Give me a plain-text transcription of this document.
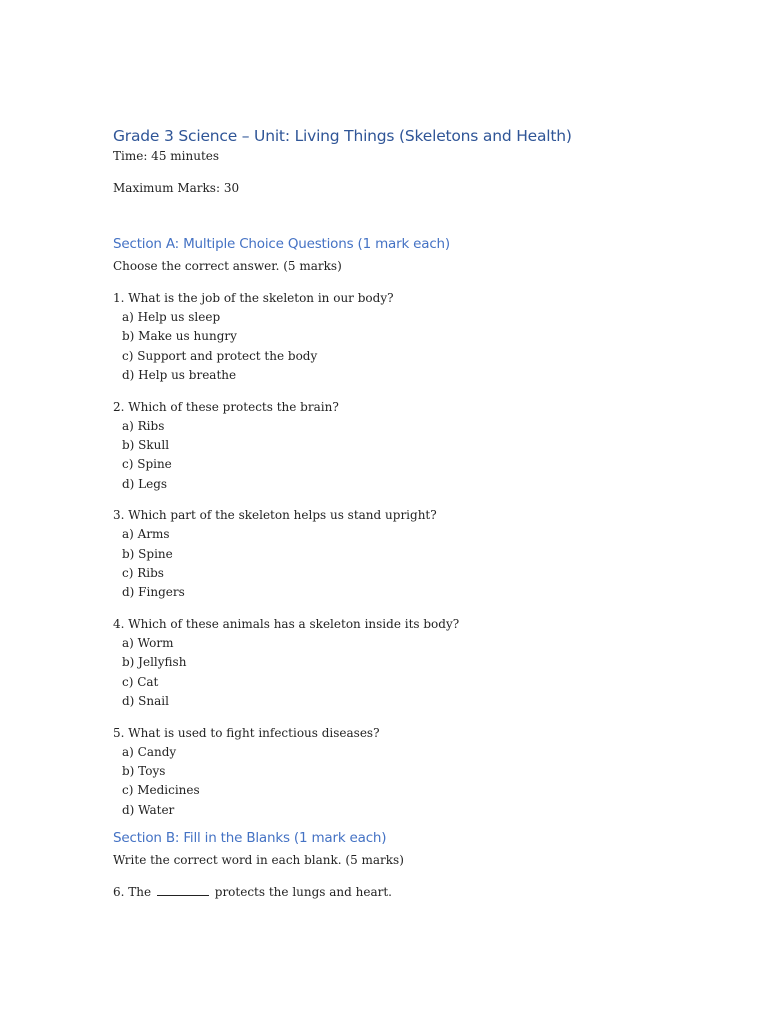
Grade 3 Science – Unit: Living Things (Skeletons and Health)

Time: 45 minutes

Maximum Marks: 30

Section A: Multiple Choice Questions (1 mark each)

Choose the correct answer. (5 marks)

1. What is the job of the skeleton in our body?

a) Help us sleep

b) Make us hungry

c) Support and protect the body

d) Help us breathe

2. Which of these protects the brain?

a) Ribs

b) Skull

c) Spine

d) Legs

3. Which part of the skeleton helps us stand upright?

a) Arms

b) Spine

c) Ribs

d) Fingers

4. Which of these animals has a skeleton inside its body?

a) Worm

b) Jellyfish

c) Cat

d) Snail

5. What is used to fight infectious diseases?

a) Candy

b) Toys

c) Medicines

d) Water

Section B: Fill in the Blanks (1 mark each)

Write the correct word in each blank. (5 marks)

6. The	protects the lungs and heart.
